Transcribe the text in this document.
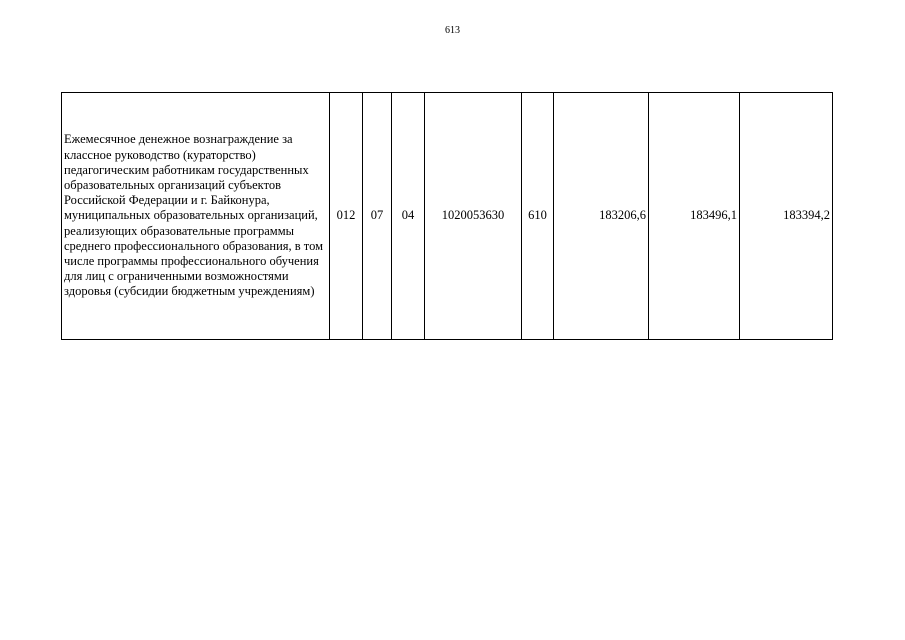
613
Ежемесячное денежное вознаграждение за классное руководство (кураторство) педагогическим работникам государственных образовательных организаций субъектов Российской Федерации и г. Байконура, муниципальных образовательных организаций, реализующих образовательные программы среднего профессионального образования, в том числе программы профессионального обучения для лиц с ограниченными возможностями здоровья (субсидии бюджетным учреждениям)	012	07	04	1020053630	610	183206,6	183496,1	183394,2
